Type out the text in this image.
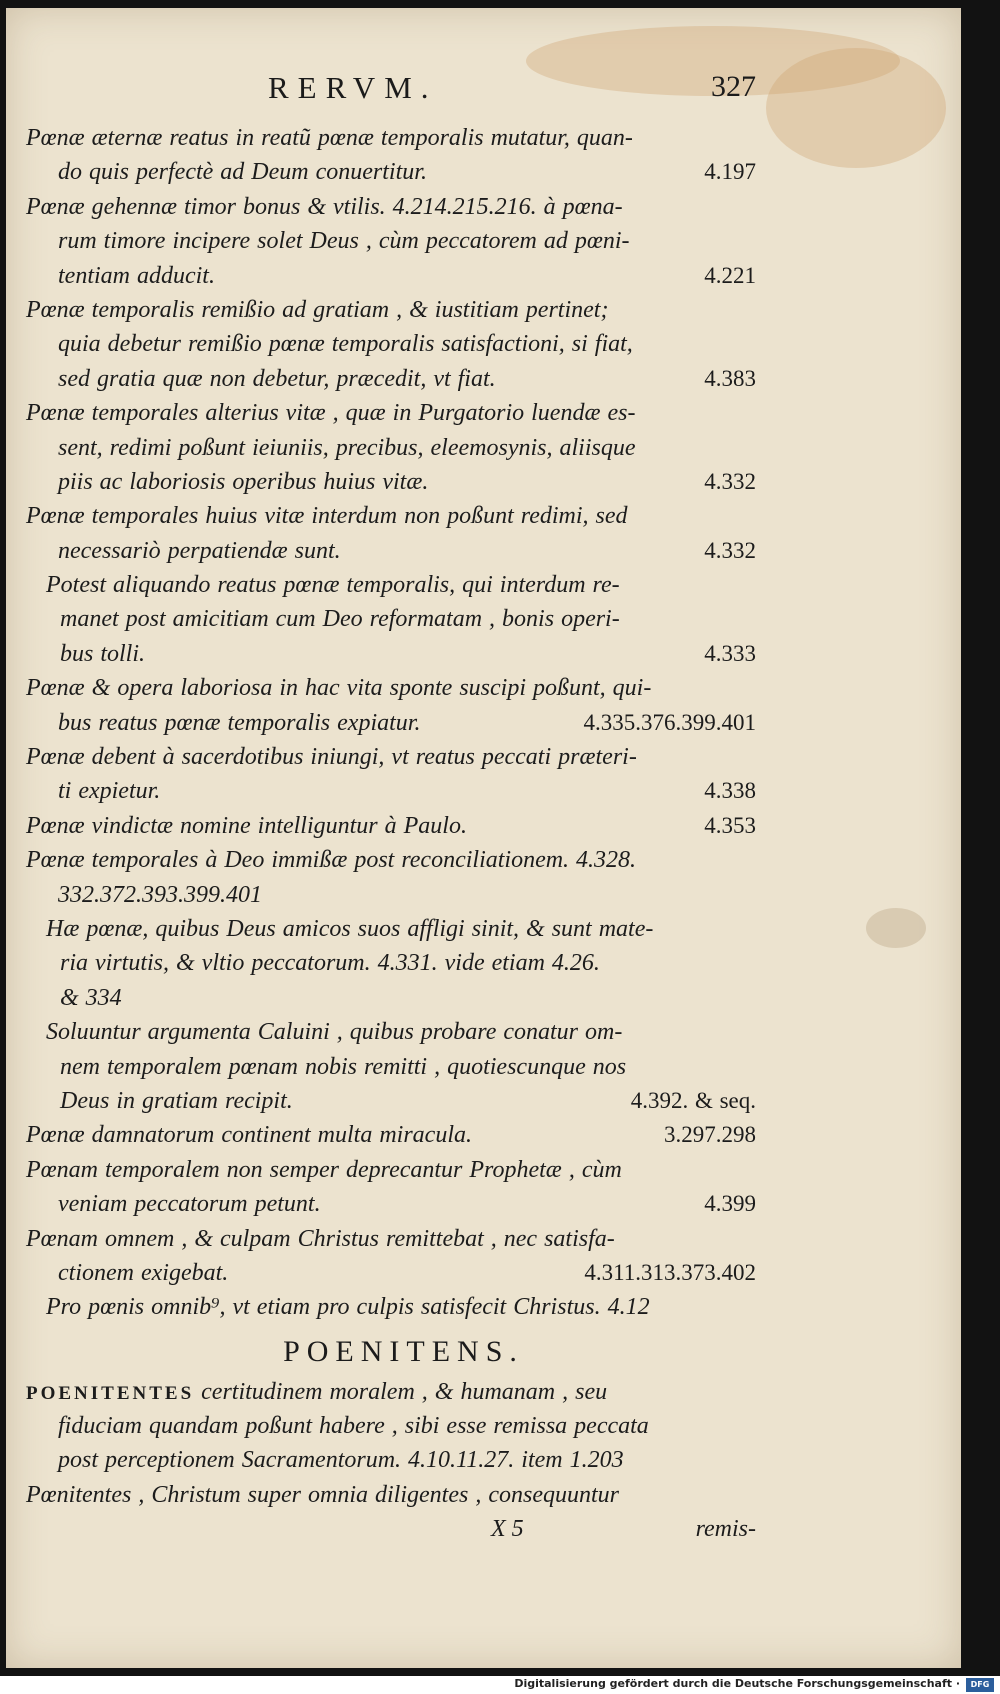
RERVM.	327
Pœnæ æternæ reatus in reatũ pœnæ temporalis mutatur, quan-
do quis perfectè ad Deum conuertitur.	4.197
Pœnæ gehennæ timor bonus & vtilis. 4.214.215.216. à pœna-
rum timore incipere solet Deus , cùm peccatorem ad pœni-
tentiam adducit.	4.221
Pœnæ temporalis remißio ad gratiam , & iustitiam pertinet;
quia debetur remißio pœnæ temporalis satisfactioni, si fiat,
sed gratia quæ non debetur, præcedit, vt fiat.	4.383
Pœnæ temporales alterius vitæ , quæ in Purgatorio luendæ es-
sent, redimi poßunt ieiuniis, precibus, eleemosynis, aliisque
piis ac laboriosis operibus huius vitæ.	4.332
Pœnæ temporales huius vitæ interdum non poßunt redimi, sed
necessariò perpatiendæ sunt.	4.332
Potest aliquando reatus pœnæ temporalis, qui interdum re-
manet post amicitiam cum Deo reformatam , bonis operi-
bus tolli.	4.333
Pœnæ & opera laboriosa in hac vita sponte suscipi poßunt, qui-
bus reatus pœnæ temporalis expiatur.	4.335.376.399.401
Pœnæ debent à sacerdotibus iniungi, vt reatus peccati præteri-
ti expietur.	4.338
Pœnæ vindictæ nomine intelliguntur à Paulo.	4.353
Pœnæ temporales à Deo immißæ post reconciliationem. 4.328.
332.372.393.399.401
Hæ pœnæ, quibus Deus amicos suos affligi sinit, & sunt mate-
ria virtutis, & vltio peccatorum. 4.331. vide etiam 4.26.
& 334
Soluuntur argumenta Caluini , quibus probare conatur om-
nem temporalem pœnam nobis remitti , quotiescunque nos
Deus in gratiam recipit.	4.392. & seq.
Pœnæ damnatorum continent multa miracula.	3.297.298
Pœnam temporalem non semper deprecantur Prophetæ , cùm
veniam peccatorum petunt.	4.399
Pœnam omnem , & culpam Christus remittebat , nec satisfa-
ctionem exigebat.	4.311.313.373.402
Pro pœnis omnib⁹, vt etiam pro culpis satisfecit Christus. 4.12
POENITENS.
POENITENTES certitudinem moralem , & humanam , seu
fiduciam quandam poßunt habere , sibi esse remissa peccata
post perceptionem Sacramentorum. 4.10.11.27. item 1.203
Pœnitentes , Christum super omnia diligentes , consequuntur
X 5	remis-
Digitalisierung gefördert durch die Deutsche Forschungsgemeinschaft ·	DFG
